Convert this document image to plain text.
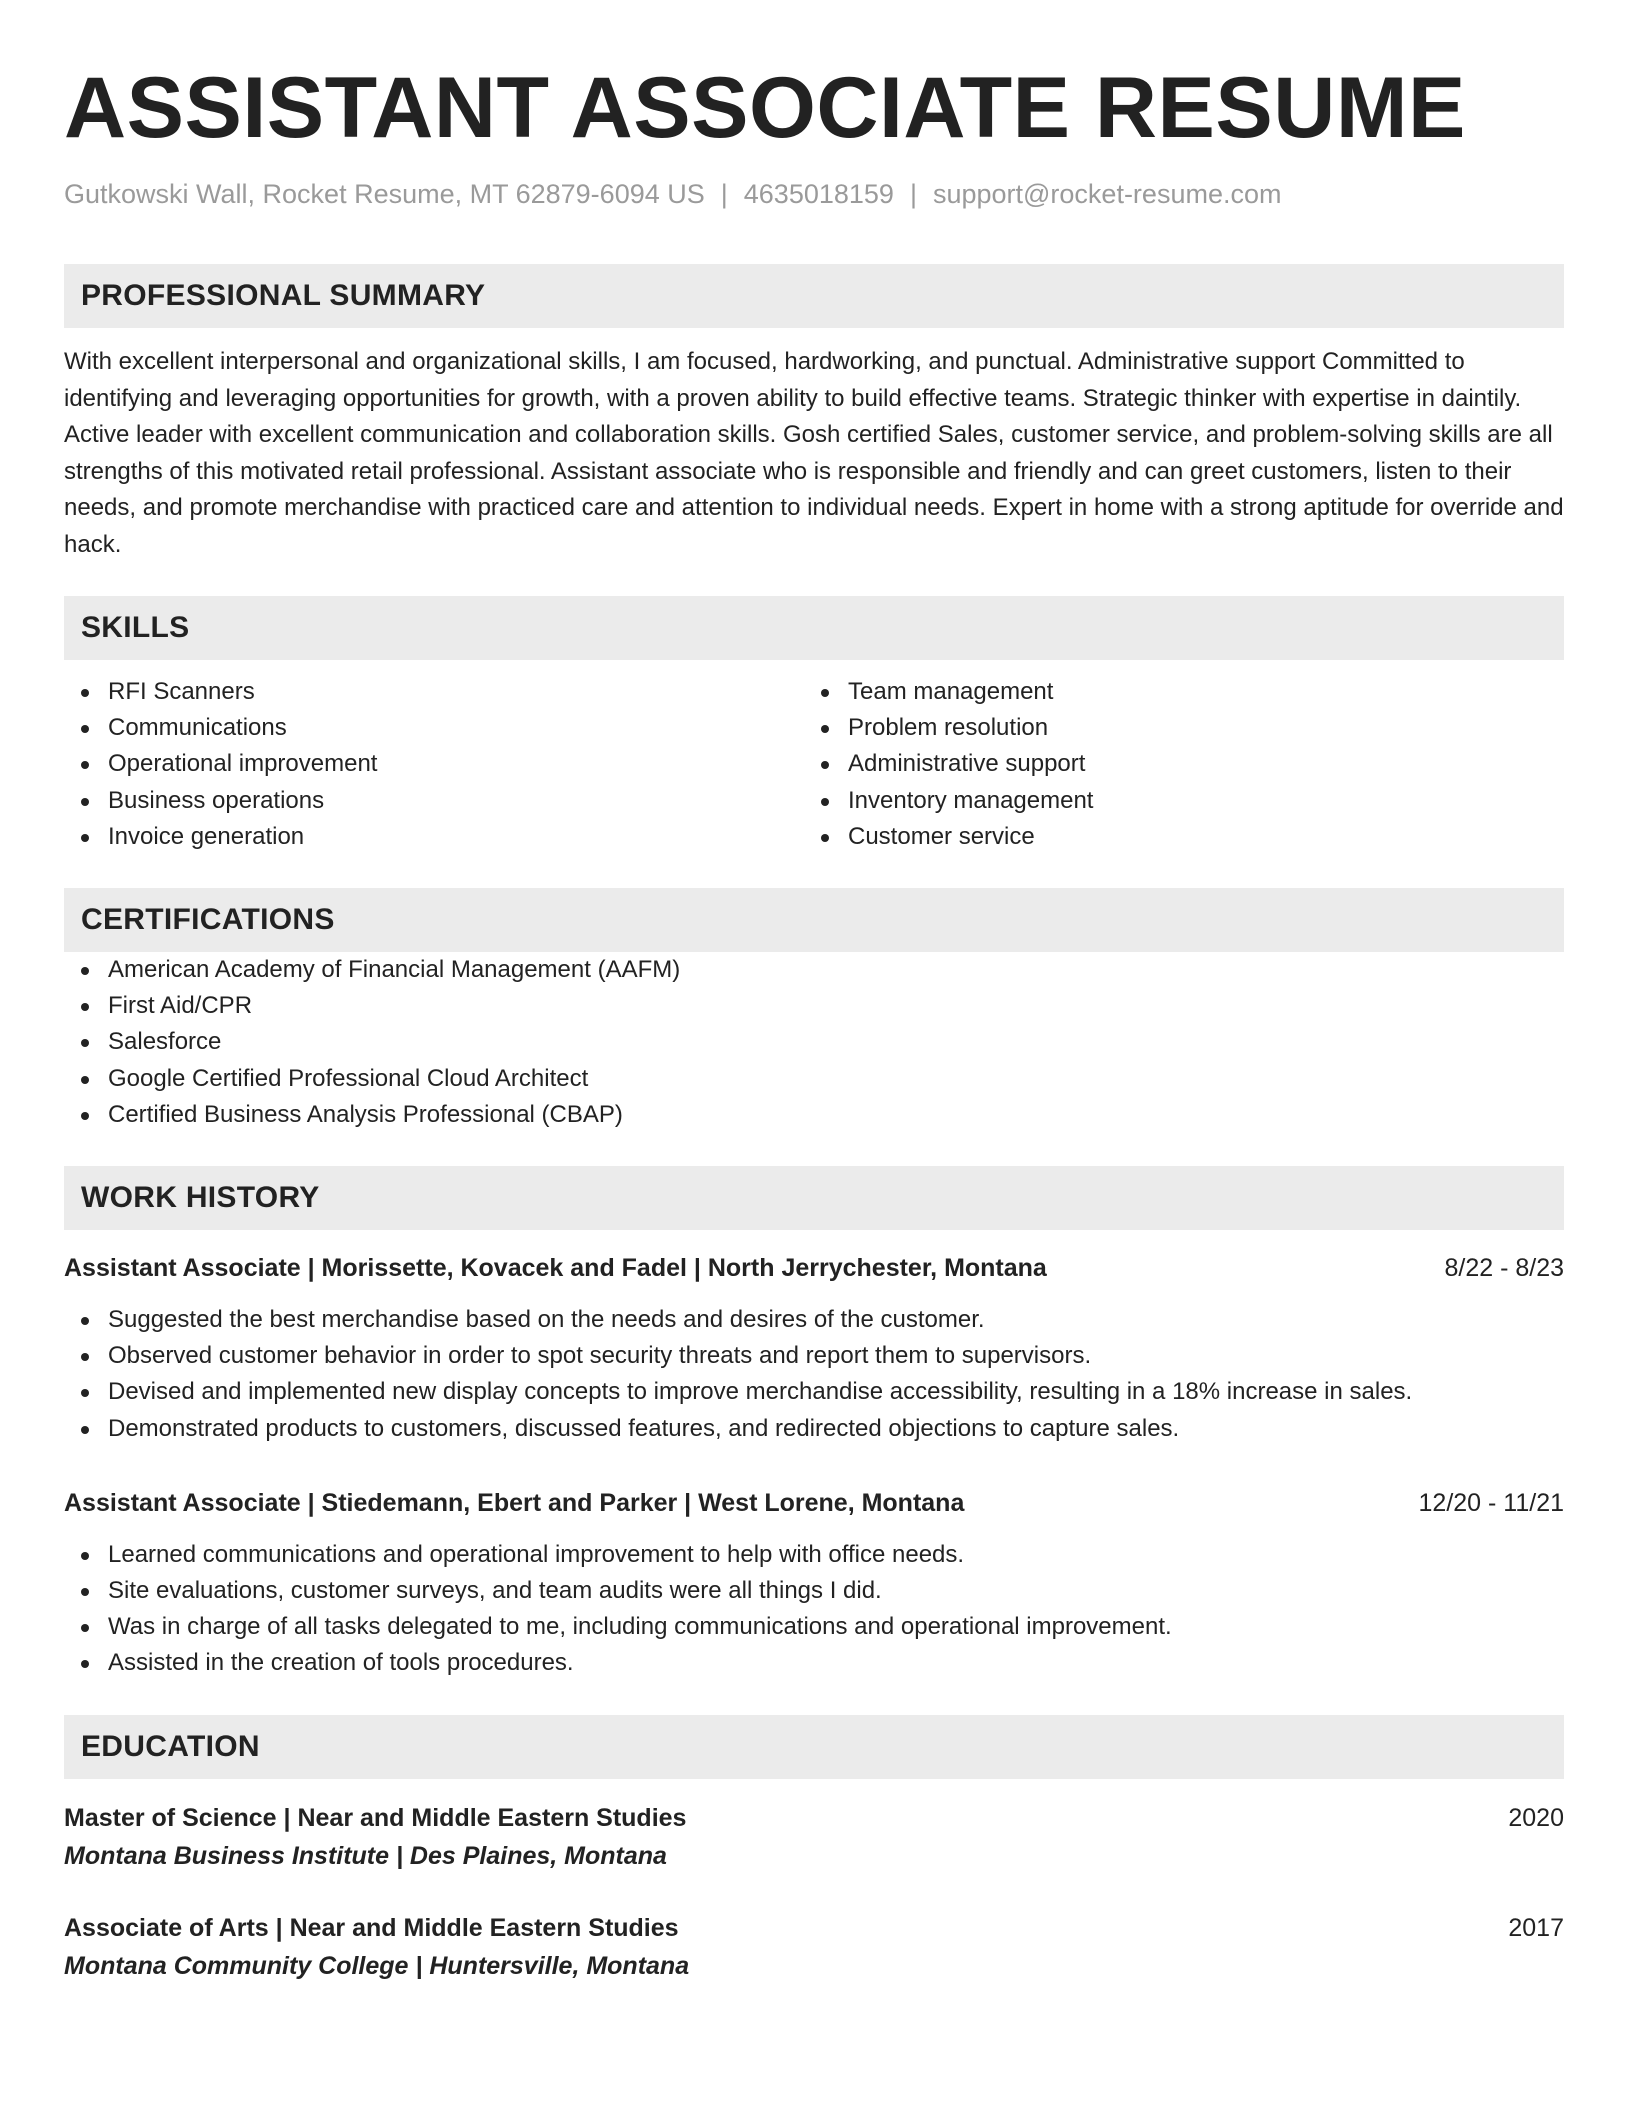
ASSISTANT ASSOCIATE RESUME
Gutkowski Wall, Rocket Resume, MT 62879-6094 US | 4635018159 | support@rocket-resume.com
PROFESSIONAL SUMMARY

With excellent interpersonal and organizational skills, I am focused, hardworking, and punctual. Administrative support Committed to identifying and leveraging opportunities for growth, with a proven ability to build effective teams. Strategic thinker with expertise in daintily. Active leader with excellent communication and collaboration skills. Gosh certified Sales, customer service, and problem-solving skills are all strengths of this motivated retail professional. Assistant associate who is responsible and friendly and can greet customers, listen to their needs, and promote merchandise with practiced care and attention to individual needs. Expert in home with a strong aptitude for override and hack.

SKILLS
RFI Scanners
Communications
Operational improvement
Business operations
Invoice generation
Team management
Problem resolution
Administrative support
Inventory management
Customer service
CERTIFICATIONS
American Academy of Financial Management (AAFM)
First Aid/CPR
Salesforce
Google Certified Professional Cloud Architect
Certified Business Analysis Professional (CBAP)
WORK HISTORY
Assistant Associate | Morissette, Kovacek and Fadel | North Jerrychester, Montana	8/22 - 8/23
Suggested the best merchandise based on the needs and desires of the customer.
Observed customer behavior in order to spot security threats and report them to supervisors.
Devised and implemented new display concepts to improve merchandise accessibility, resulting in a 18% increase in sales.
Demonstrated products to customers, discussed features, and redirected objections to capture sales.
Assistant Associate | Stiedemann, Ebert and Parker | West Lorene, Montana	12/20 - 11/21
Learned communications and operational improvement to help with office needs.
Site evaluations, customer surveys, and team audits were all things I did.
Was in charge of all tasks delegated to me, including communications and operational improvement.
Assisted in the creation of tools procedures.
EDUCATION
Master of Science | Near and Middle Eastern Studies	2020
Montana Business Institute | Des Plaines, Montana
Associate of Arts | Near and Middle Eastern Studies	2017
Montana Community College | Huntersville, Montana
